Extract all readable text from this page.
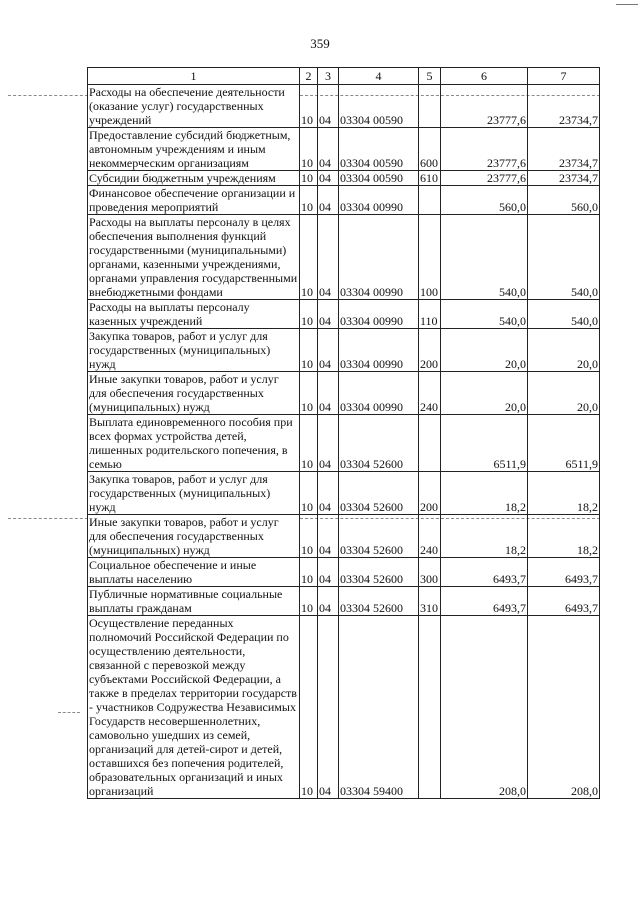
359
1	2	3	4	5	6	7
Расходы на обеспечение деятельности (оказание услуг) государственных учреждений	10	04	03304 00590		23777,6	23734,7
Предоставление субсидий бюджетным, автономным учреждениям и иным некоммерческим организациям	10	04	03304 00590	600	23777,6	23734,7
Субсидии бюджетным учреждениям	10	04	03304 00590	610	23777,6	23734,7
Финансовое обеспечение организации и проведения мероприятий	10	04	03304 00990		560,0	560,0
Расходы на выплаты персоналу в целях обеспечения выполнения функций государственными (муниципальными) органами, казенными учреждениями, органами управления государственными внебюджетными фондами	10	04	03304 00990	100	540,0	540,0
Расходы на выплаты персоналу казенных учреждений	10	04	03304 00990	110	540,0	540,0
Закупка товаров, работ и услуг для государственных (муниципальных) нужд	10	04	03304 00990	200	20,0	20,0
Иные закупки товаров, работ и услуг для обеспечения государственных (муниципальных) нужд	10	04	03304 00990	240	20,0	20,0
Выплата единовременного пособия при всех формах устройства детей, лишенных родительского попечения, в семью	10	04	03304 52600		6511,9	6511,9
Закупка товаров, работ и услуг для государственных (муниципальных) нужд	10	04	03304 52600	200	18,2	18,2
Иные закупки товаров, работ и услуг для обеспечения государственных (муниципальных) нужд	10	04	03304 52600	240	18,2	18,2
Социальное обеспечение и иные выплаты населению	10	04	03304 52600	300	6493,7	6493,7
Публичные нормативные социальные выплаты гражданам	10	04	03304 52600	310	6493,7	6493,7
Осуществление переданных полномочий Российской Федерации по осуществлению деятельности, связанной с перевозкой между субъектами Российской Федерации, а также в пределах территории государств - участников Содружества Независимых Государств несовершеннолетних, самовольно ушедших из семей, организаций для детей-сирот и детей, оставшихся без попечения родителей, образовательных организаций и иных организаций	10	04	03304 59400		208,0	208,0
